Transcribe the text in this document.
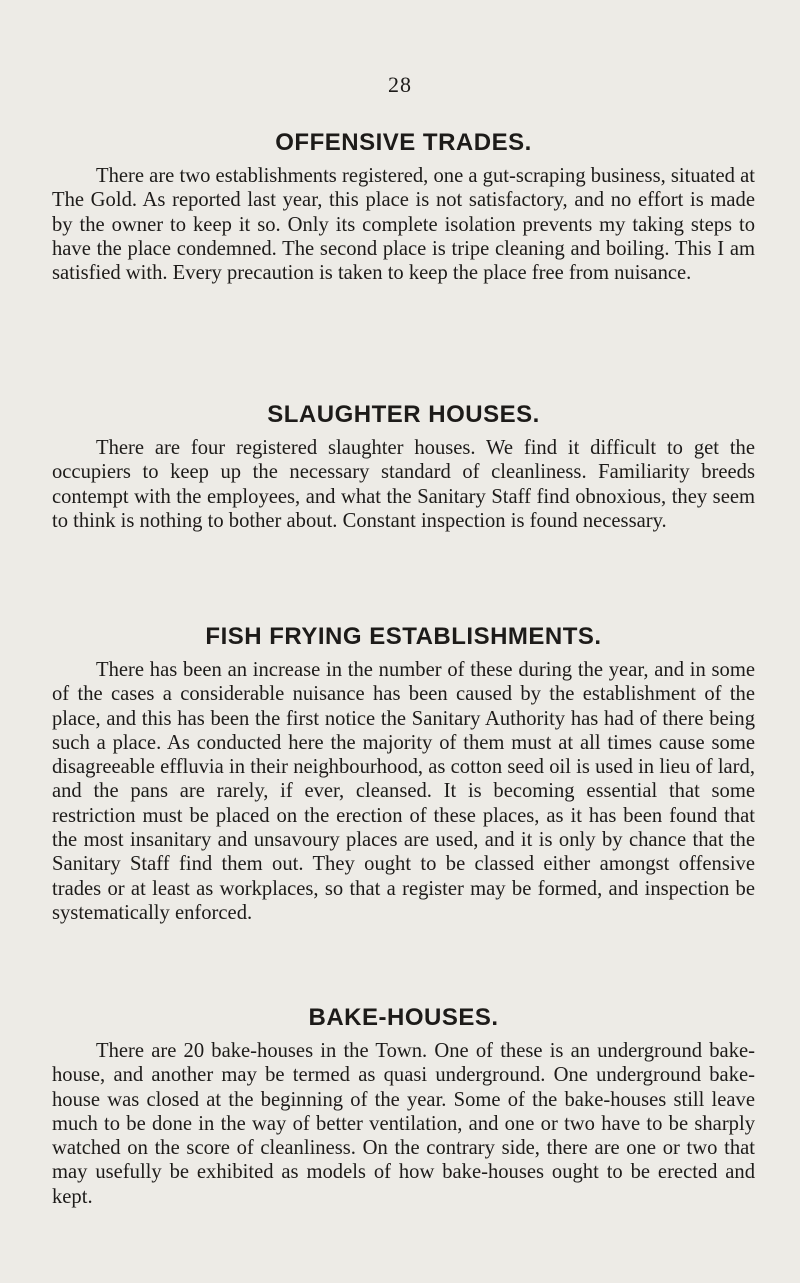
28
OFFENSIVE TRADES.

There are two establishments registered, one a gut-scraping business, situated at The Gold. As reported last year, this place is not satisfactory, and no effort is made by the owner to keep it so. Only its complete isolation prevents my taking steps to have the place condemned. The second place is tripe cleaning and boiling. This I am satisfied with. Every precaution is taken to keep the place free from nuisance.

SLAUGHTER HOUSES.

There are four registered slaughter houses. We find it difficult to get the occupiers to keep up the necessary standard of cleanliness. Familiarity breeds contempt with the employees, and what the Sanitary Staff find obnoxious, they seem to think is nothing to bother about. Constant inspection is found necessary.

FISH FRYING ESTABLISHMENTS.

There has been an increase in the number of these during the year, and in some of the cases a considerable nuisance has been caused by the establishment of the place, and this has been the first notice the Sanitary Authority has had of there being such a place. As conducted here the majority of them must at all times cause some disagreeable effluvia in their neighbourhood, as cotton seed oil is used in lieu of lard, and the pans are rarely, if ever, cleansed. It is becoming essential that some restriction must be placed on the erection of these places, as it has been found that the most insanitary and unsavoury places are used, and it is only by chance that the Sanitary Staff find them out. They ought to be classed either amongst offensive trades or at least as workplaces, so that a register may be formed, and inspection be systematically enforced.

BAKE-HOUSES.

There are 20 bake-houses in the Town. One of these is an underground bake-house, and another may be termed as quasi underground. One underground bake-house was closed at the beginning of the year. Some of the bake-houses still leave much to be done in the way of better ventilation, and one or two have to be sharply watched on the score of cleanliness. On the contrary side, there are one or two that may usefully be exhibited as models of how bake-houses ought to be erected and kept.
